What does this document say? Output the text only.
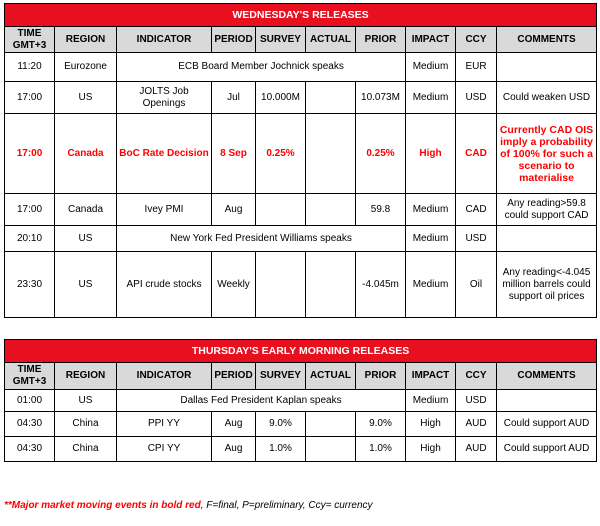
WEDNESDAY'S RELEASES									
TIME GMT+3	REGION	INDICATOR	PERIOD	SURVEY	ACTUAL	PRIOR	IMPACT	CCY	COMMENTS
11:20	Eurozone	ECB Board Member Jochnick speaks					Medium	EUR	
17:00	US	JOLTS Job Openings	Jul	10.000M		10.073M	Medium	USD	Could weaken USD
17:00	Canada	BoC Rate Decision	8 Sep	0.25%		0.25%	High	CAD	Currently CAD OIS imply a probability of 100% for such a scenario to materialise
17:00	Canada	Ivey PMI	Aug			59.8	Medium	CAD	Any reading>59.8 could support CAD
20:10	US	New York Fed President Williams speaks					Medium	USD	
23:30	US	API crude stocks	Weekly			-4.045m	Medium	Oil	Any reading<-4.045 million barrels could support oil prices
THURSDAY'S EARLY MORNING RELEASES									
TIME GMT+3	REGION	INDICATOR	PERIOD	SURVEY	ACTUAL	PRIOR	IMPACT	CCY	COMMENTS
01:00	US	Dallas Fed President Kaplan speaks					Medium	USD	
04:30	China	PPI YY	Aug	9.0%		9.0%	High	AUD	Could support AUD
04:30	China	CPI YY	Aug	1.0%		1.0%	High	AUD	Could support AUD
**Major market moving events in bold red, F=final, P=preliminary, Ccy= currency
